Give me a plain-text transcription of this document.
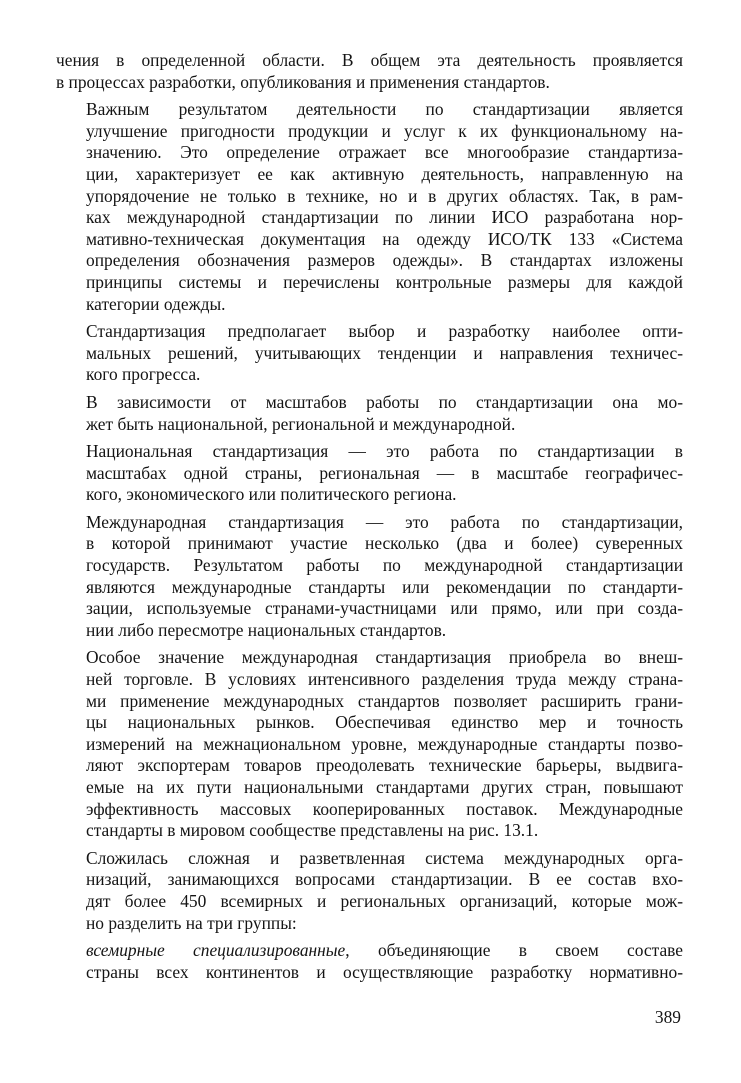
чения в определенной области. В общем эта деятельность проявляется
в процессах разработки, опубликования и применения стандартов.

Важным результатом деятельности по стандартизации является
улучшение пригодности продукции и услуг к их функциональному на-
значению. Это определение отражает все многообразие стандартиза-
ции, характеризует ее как активную деятельность, направленную на
упорядочение не только в технике, но и в других областях. Так, в рам-
ках международной стандартизации по линии ИСО разработана нор-
мативно-техническая документация на одежду ИСО/ТК 133 «Система
определения обозначения размеров одежды». В стандартах изложены
принципы системы и перечислены контрольные размеры для каждой
категории одежды.

Стандартизация предполагает выбор и разработку наиболее опти-
мальных решений, учитывающих тенденции и направления техничес-
кого прогресса.

В зависимости от масштабов работы по стандартизации она мо-
жет быть национальной, региональной и международной.

Национальная стандартизация — это работа по стандартизации в
масштабах одной страны, региональная — в масштабе географичес-
кого, экономического или политического региона.

Международная стандартизация — это работа по стандартизации,
в которой принимают участие несколько (два и более) суверенных
государств. Результатом работы по международной стандартизации
являются международные стандарты или рекомендации по стандарти-
зации, используемые странами-участницами или прямо, или при созда-
нии либо пересмотре национальных стандартов.

Особое значение международная стандартизация приобрела во внеш-
ней торговле. В условиях интенсивного разделения труда между страна-
ми применение международных стандартов позволяет расширить грани-
цы национальных рынков. Обеспечивая единство мер и точность
измерений на межнациональном уровне, международные стандарты позво-
ляют экспортерам товаров преодолевать технические барьеры, выдвига-
емые на их пути национальными стандартами других стран, повышают
эффективность массовых кооперированных поставок. Международные
стандарты в мировом сообществе представлены на рис. 13.1.

Сложилась сложная и разветвленная система международных орга-
низаций, занимающихся вопросами стандартизации. В ее состав вхо-
дят более 450 всемирных и региональных организаций, которые мож-
но разделить на три группы:

всемирные специализированные, объединяющие в своем составе
страны всех континентов и осуществляющие разработку нормативно-

389
